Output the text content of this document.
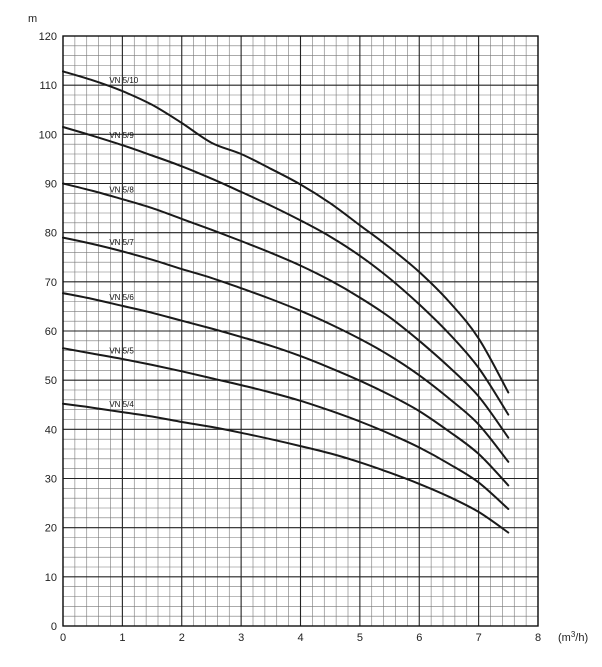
VN 5/10
VN 5/9
VN 5/8
VN 5/7
VN 5/6
VN 5/5
VN 5/4
0	1	2	3	4	5	6	7	8
0
10
20
30
40
50
60
70
80
90
100
110
120
m
$(m^3/h)$
